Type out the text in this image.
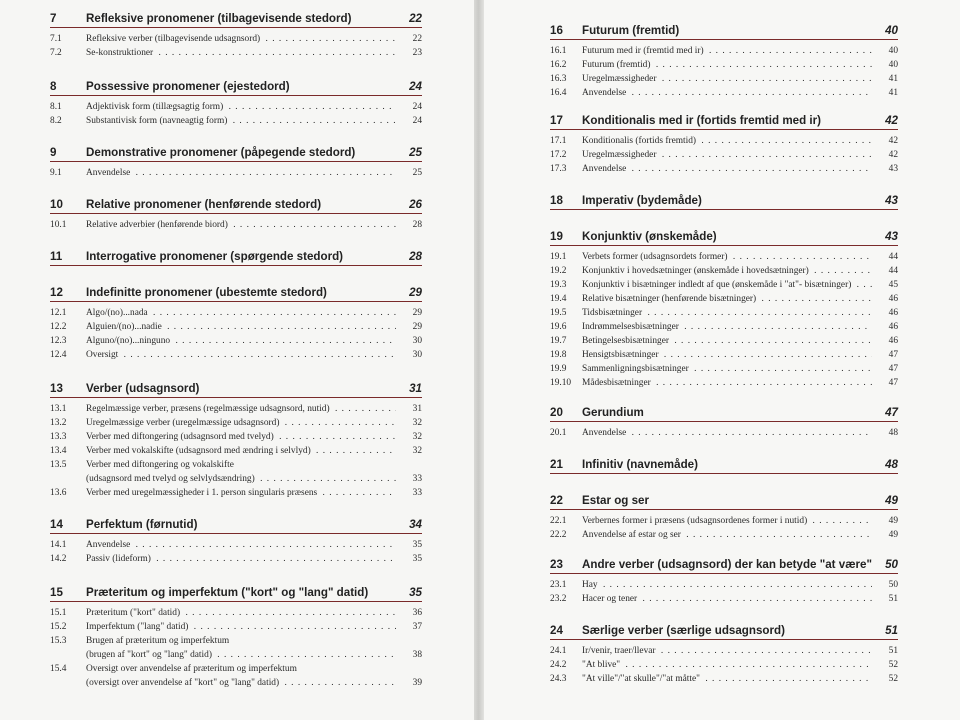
7	Refleksive pronomener (tilbagevisende stedord)	22
7.1	Refleksive verber (tilbagevisende udsagnsord) . . .	22
7.2	Se-konstruktioner . . .	23
8	Possessive pronomener (ejestedord)	24
8.1	Adjektivisk form (tillægsagtig form) . . .	24
8.2	Substantivisk form (navneagtig form) . . .	24
9	Demonstrative pronomener (påpegende stedord)	25
9.1	Anvendelse . . .	25
10 Relative pronomener (henførende stedord)	26
10.1 Relative adverbier (henførende biord) . . .	28
11 Interrogative pronomener (spørgende stedord)	28
12 Indefinitte pronomener (ubestemte stedord)	29
12.1 Algo/(no)...nada . . .	29
12.2 Alguien/(no)...nadie . . .	29
12.3 Alguno/(no)...ninguno . . .	30
12.4 Oversigt . . .	30
13 Verber (udsagnsord)	31
13.1 Regelmæssige verber, præsens (regelmæssige udsagnsord, nutid) . . .	31
13.2 Uregelmæssige verber (uregelmæssige udsagnsord) . . .	32
13.3 Verber med diftongering (udsagnsord med tvelyd) . . .	32
13.4 Verber med vokalskifte (udsagnsord med ændring i selvlyd) . . .	32
13.5 Verber med diftongering og vokalskifte
(udsagnsord med tvelyd og selvlydsændring) . . .	33
13.6 Verber med uregelmæssigheder i 1. person singularis præsens . . .	33
14 Perfektum (førnutid)	34
14.1 Anvendelse . . .	35
14.2 Passiv (lideform) . . .	35
15 Præteritum og imperfektum ("kort" og "lang" datid)	35
15.1 Præteritum ("kort" datid) . . .	36
15.2 Imperfektum ("lang" datid) . . .	37
15.3 Brugen af præteritum og imperfektum
(brugen af "kort" og "lang" datid) . . .	38
15.4 Oversigt over anvendelse af præteritum og imperfektum
(oversigt over anvendelse af "kort" og "lang" datid) . . .	39
16 Futurum (fremtid)	40
16.1 Futurum med ir (fremtid med ir) . . .	40
16.2 Futurum (fremtid) . . .	40
16.3 Uregelmæssigheder . . .	41
16.4 Anvendelse . . .	41
17 Konditionalis med ir (fortids fremtid med ir)	42
17.1 Konditionalis (fortids fremtid) . . .	42
17.2 Uregelmæssigheder . . .	42
17.3 Anvendelse . . .	43
18 Imperativ (bydemåde)	43
19 Konjunktiv (ønskemåde)	43
19.1 Verbets former (udsagnsordets former) . . .	44
19.2 Konjunktiv i hovedsætninger (ønskemåde i hovedsætninger) . . .	44
19.3 Konjunktiv i bisætninger indledt af que (ønskemåde i "at"- bisætninger) . . .	45
19.4 Relative bisætninger (henførende bisætninger) . . .	46
19.5 Tidsbisætninger . . .	46
19.6 Indrømmelsesbisætninger . . .	46
19.7 Betingelsesbisætninger . . .	46
19.8 Hensigtsbisætninger . . .	47
19.9 Sammenligningsbisætninger . . .	47
19.10 Mådesbisætninger . . .	47
20 Gerundium	47
20.1 Anvendelse . . .	48
21 Infinitiv (navnemåde)	48
22 Estar og ser	49
22.1 Verbernes former i præsens (udsagnsordenes former i nutid) . . .	49
22.2 Anvendelse af estar og ser . . .	49
23 Andre verber (udsagnsord) der kan betyde "at være" 50
23.1 Hay . . .	50
23.2 Hacer og tener . . .	51
24 Særlige verber (særlige udsagnsord)	51
24.1 Ir/venir, traer/llevar . . .	51
24.2 "At blive" . . .	52
24.3 "At ville"/"at skulle"/"at måtte" . . .	52
